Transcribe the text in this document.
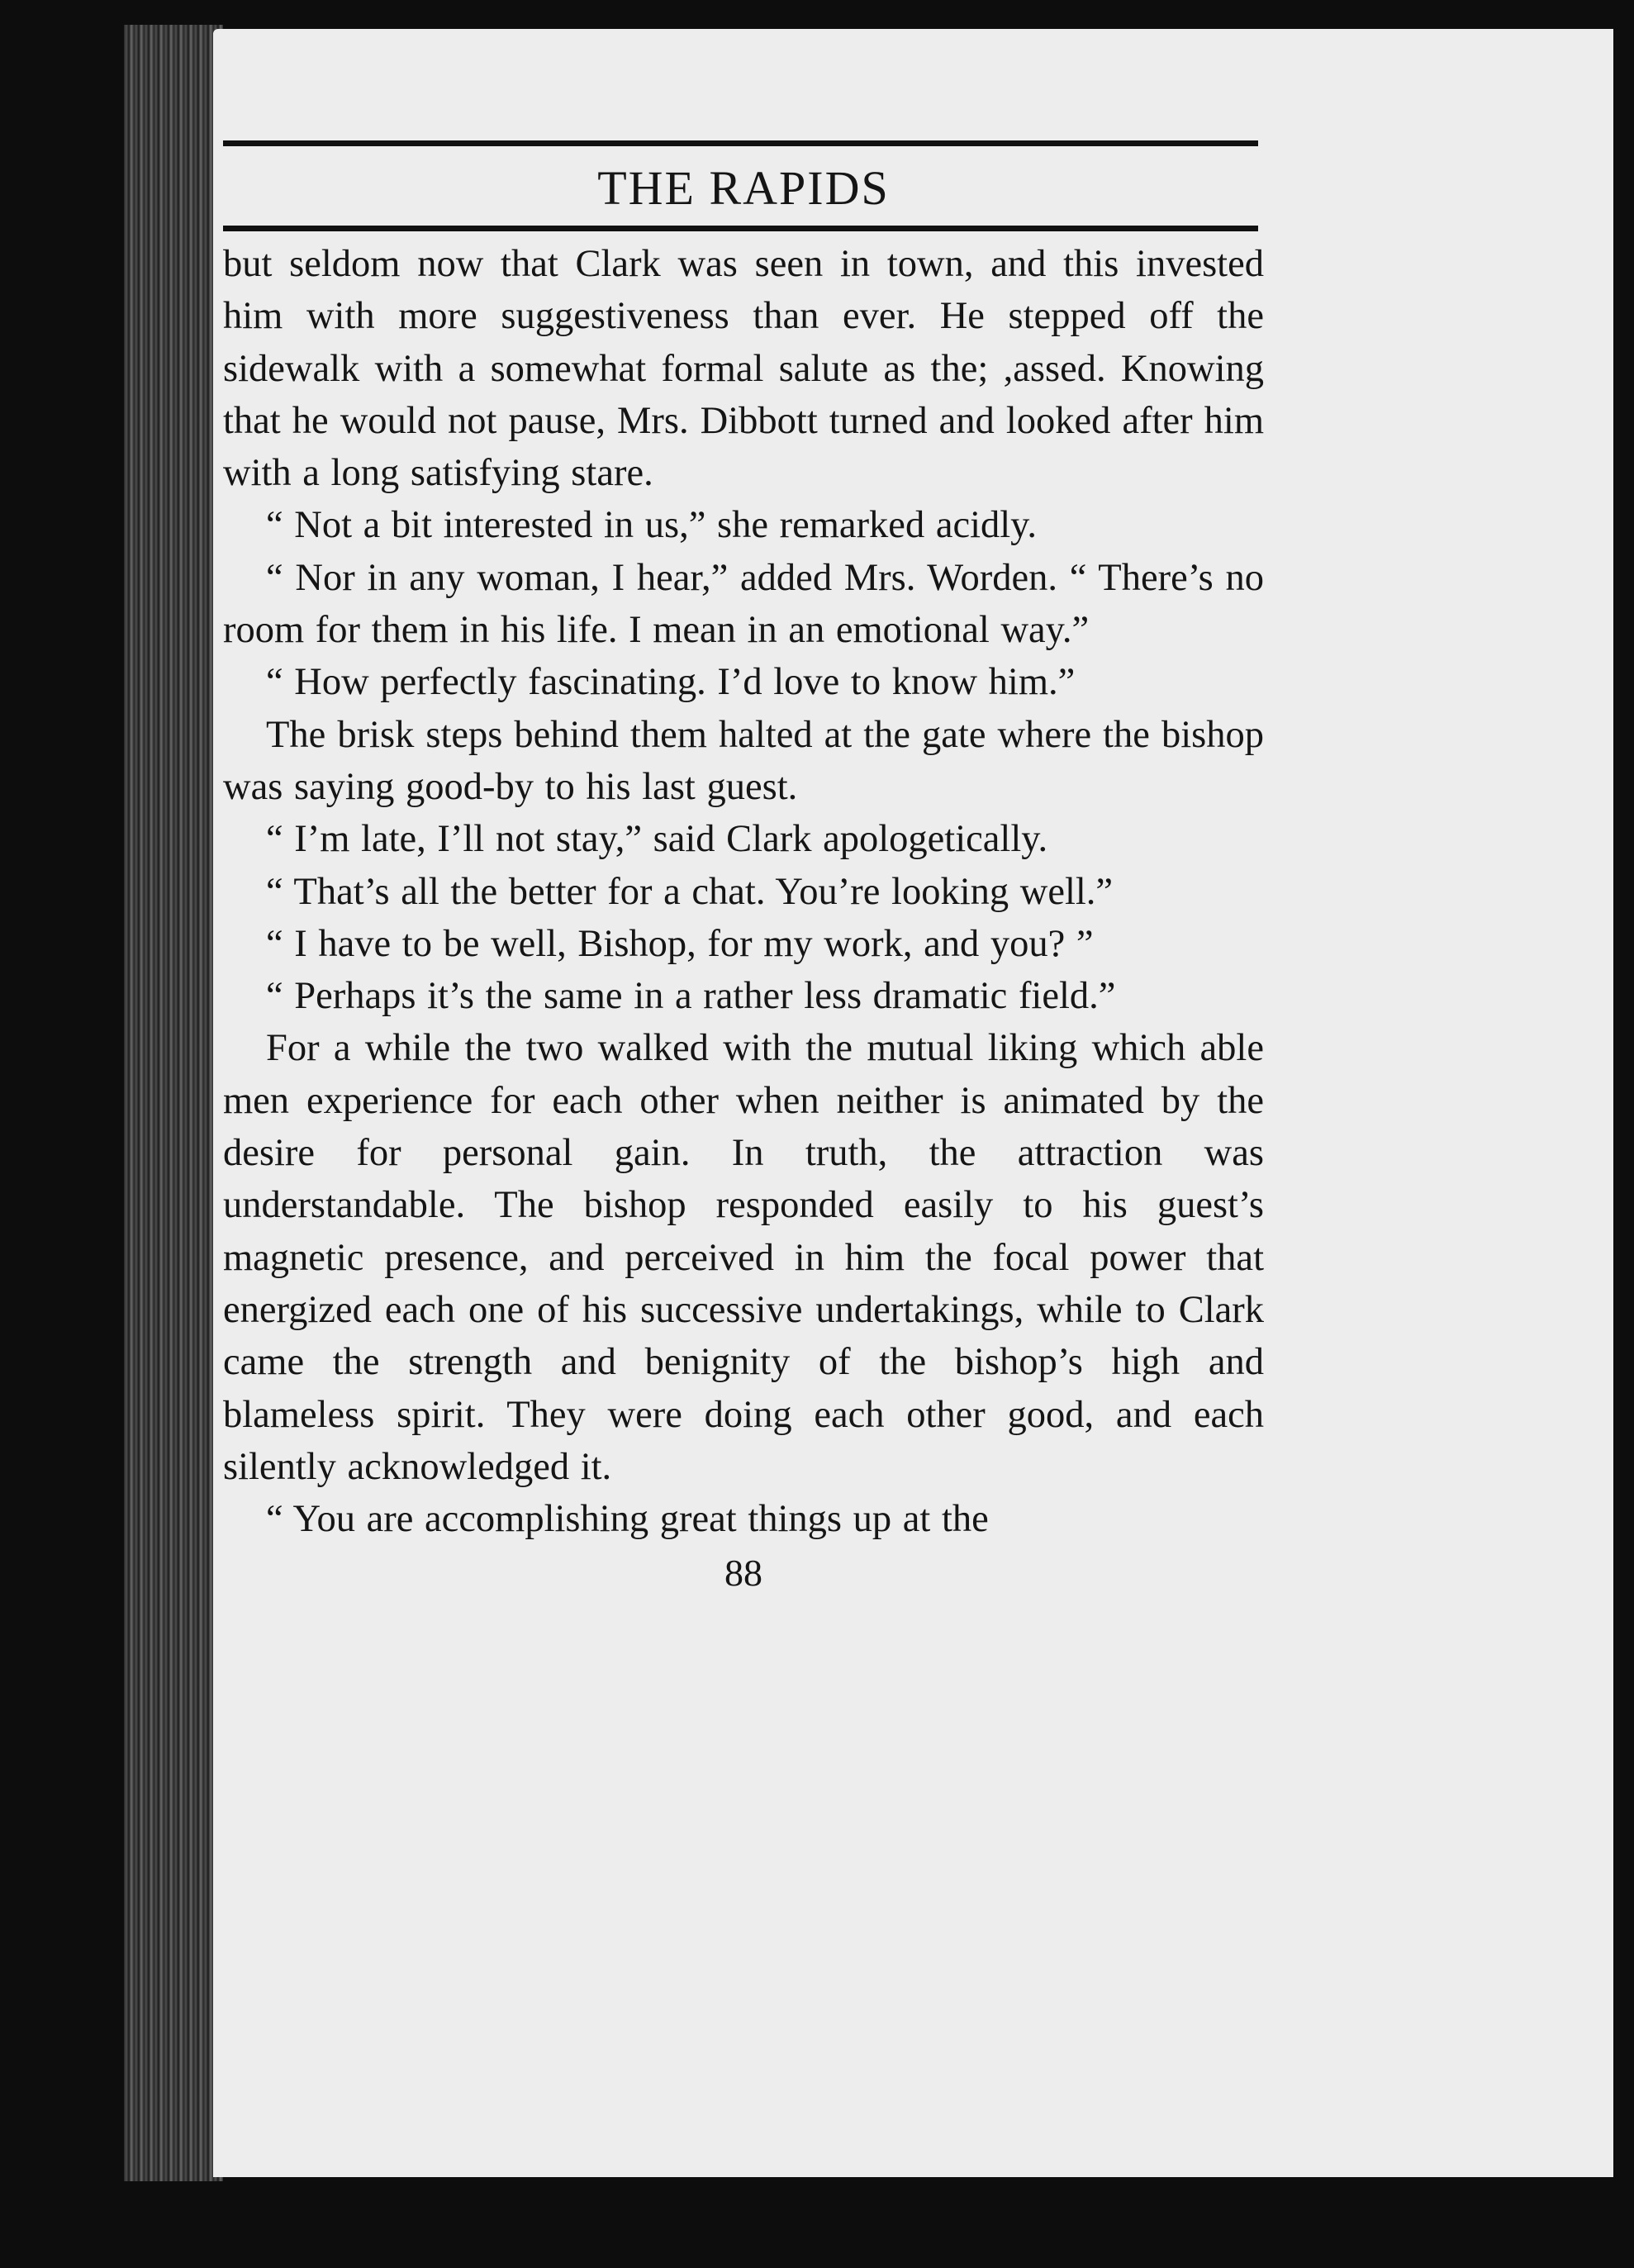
THE RAPIDS

but seldom now that Clark was seen in town, and this invested him with more suggestiveness than ever. He stepped off the sidewalk with a somewhat formal salute as the; ,assed. Knowing that he would not pause, Mrs. Dibbott turned and looked after him with a long satisfying stare.

“ Not a bit interested in us,” she remarked acidly.

“ Nor in any woman, I hear,” added Mrs. Worden. “ There’s no room for them in his life. I mean in an emotional way.”

“ How perfectly fascinating. I’d love to know him.”

The brisk steps behind them halted at the gate where the bishop was saying good-by to his last guest.

“ I’m late, I’ll not stay,” said Clark apologetically.

“ That’s all the better for a chat. You’re looking well.”

“ I have to be well, Bishop, for my work, and you? ”

“ Perhaps it’s the same in a rather less dramatic field.”

For a while the two walked with the mutual liking which able men experience for each other when neither is animated by the desire for personal gain. In truth, the attraction was understandable. The bishop responded easily to his guest’s magnetic presence, and perceived in him the focal power that energized each one of his successive undertakings, while to Clark came the strength and benignity of the bishop’s high and blameless spirit. They were doing each other good, and each silently acknowledged it.

“ You are accomplishing great things up at the

88
